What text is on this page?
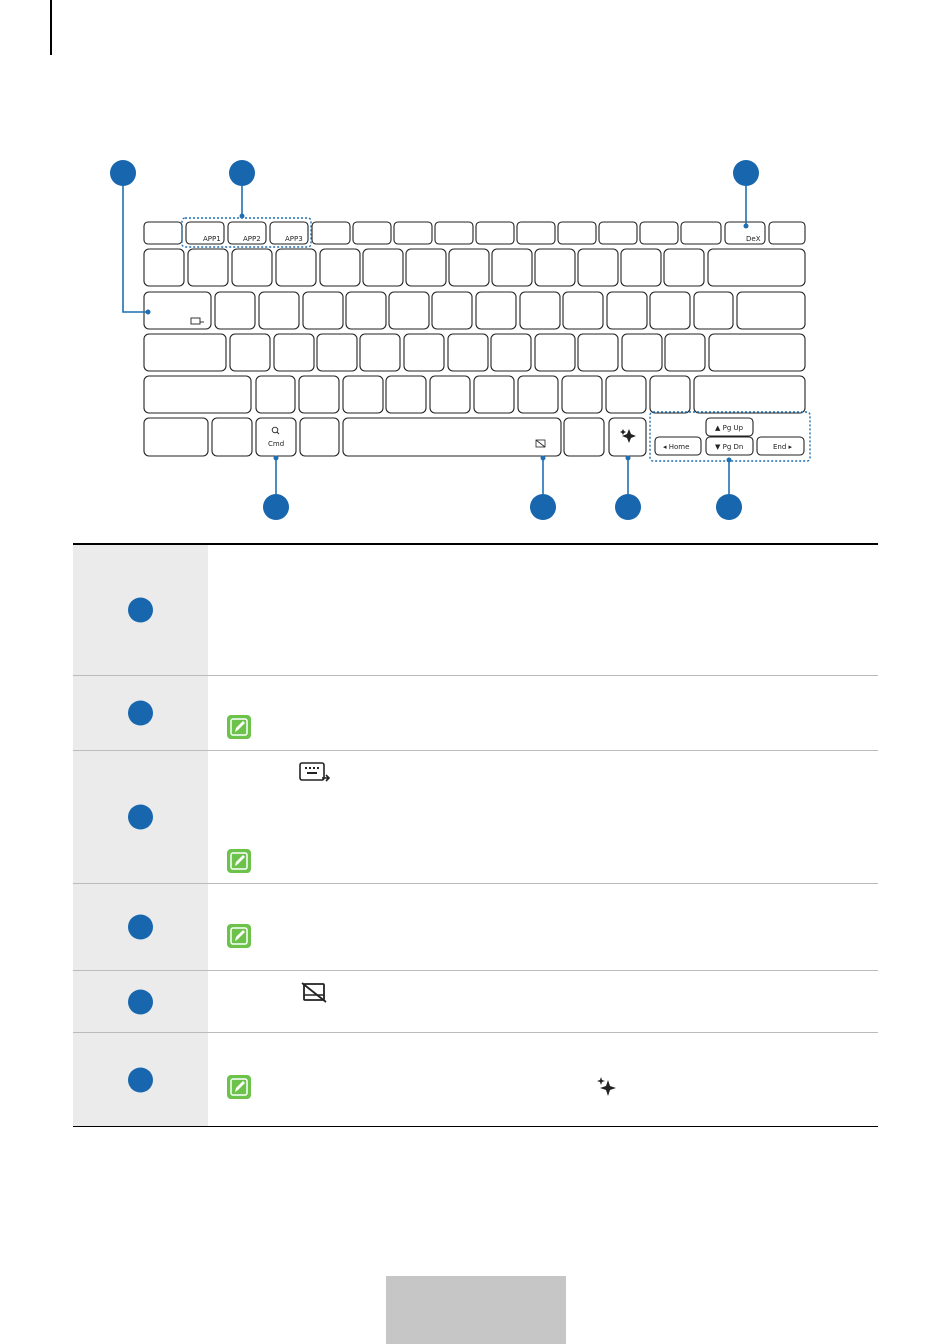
APP1	APP2	APP3	DeX
Cmd	◂ Home
▲ Pg Up
▼ Pg Dn	End ▸
